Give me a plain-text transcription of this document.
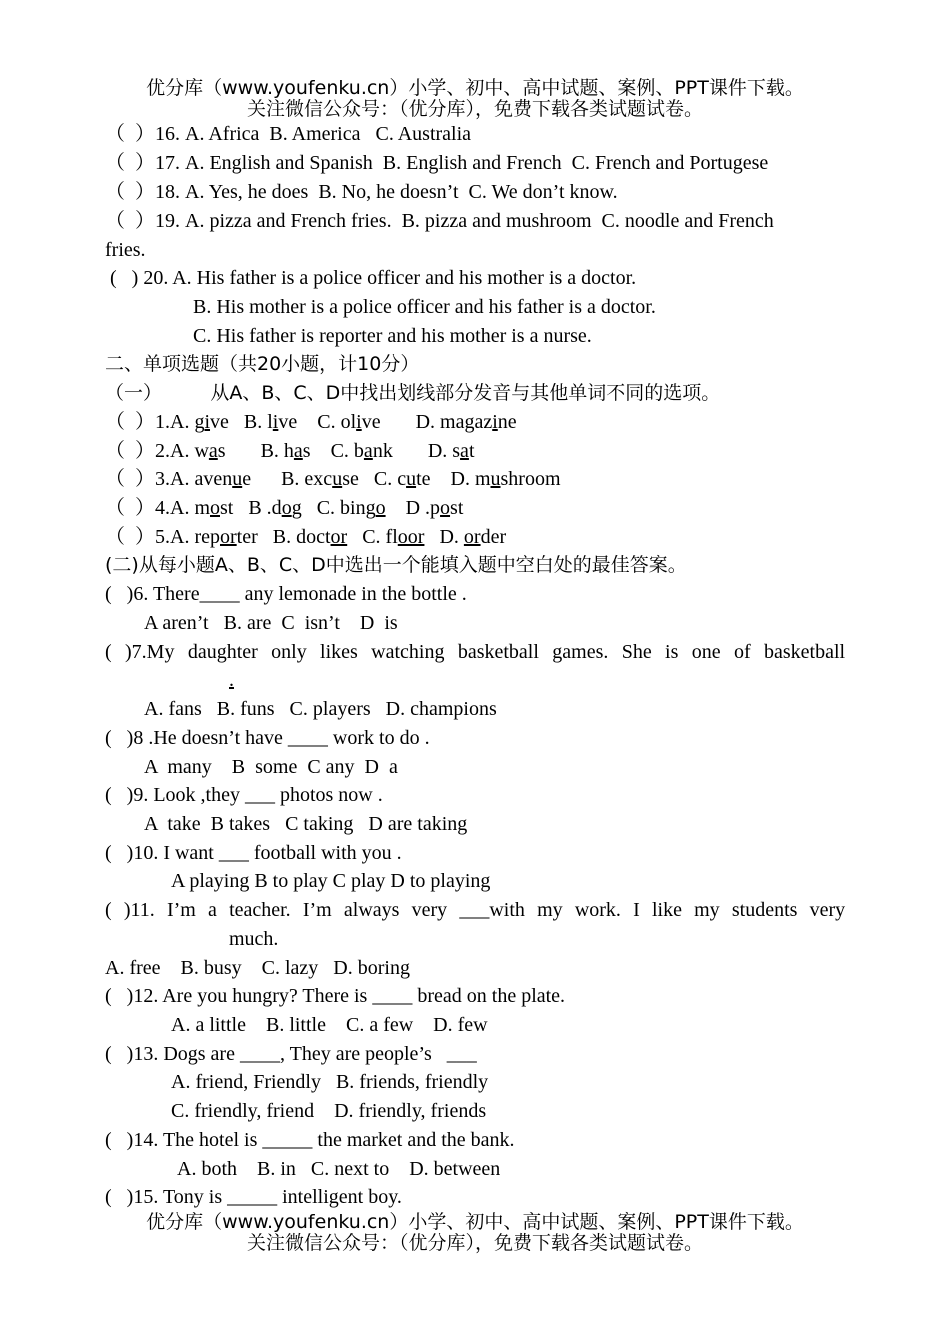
优分库（www.youfenku.cn）小学、初中、高中试题、案例、PPT课件下载。
关注微信公众号：（优分库），免费下载各类试题试卷。
（  ）16. A. Africa  B. America   C. Australia
（  ）17. A. English and Spanish  B. English and French  C. French and Portugese
（  ）18. A. Yes, he does  B. No, he doesn’t  C. We don’t know.
（  ）19. A. pizza and French fries.  B. pizza and mushroom  C. noodle and French
fries.
(   ) 20. A. His father is a police officer and his mother is a doctor.
B. His mother is a police officer and his father is a doctor.
C. His father is reporter and his mother is a nurse.
二、单项选题（共20小题，计10分）
（一）        从A、B、C、D中找出划线部分发音与其他单词不同的选项。
（  ）1.A. give   B. live    C. olive       D. magazine
（  ）2.A. was       B. has    C. bank       D. sat
（  ）3.A. avenue      B. excuse   C. cute    D. mushroom
（  ）4.A. most   B .dog   C. bingo    D .post
（  ）5.A. reporter   B. doctor   C. floor   D. order
(二)从每小题A、B、C、D中选出一个能填入题中空白处的最佳答案。
(   )6. There____ any lemonade in the bottle .
A aren’t   B. are  C  isn’t    D  is
( )7.My daughter only likes watching basketball games. She is one of basketball
.
A. fans   B. funs   C. players   D. champions
(   )8 .He doesn’t have ____ work to do .
A  many    B  some  C any  D  a
(   )9. Look ,they ___ photos now .
A  take  B takes   C taking   D are taking
(   )10. I want ___ football with you .
A playing B to play C play D to playing
( )11. I’m a teacher. I’m always very ___with my work. I like my students very
much.
A. free    B. busy    C. lazy   D. boring
(   )12. Are you hungry? There is ____ bread on the plate.
A. a little    B. little    C. a few    D. few
(   )13. Dogs are ____, They are people’s   ___
A. friend, Friendly   B. friends, friendly
C. friendly, friend    D. friendly, friends
(   )14. The hotel is _____ the market and the bank.
A. both    B. in   C. next to    D. between
(   )15. Tony is _____ intelligent boy.
优分库（www.youfenku.cn）小学、初中、高中试题、案例、PPT课件下载。
关注微信公众号：（优分库），免费下载各类试题试卷。
